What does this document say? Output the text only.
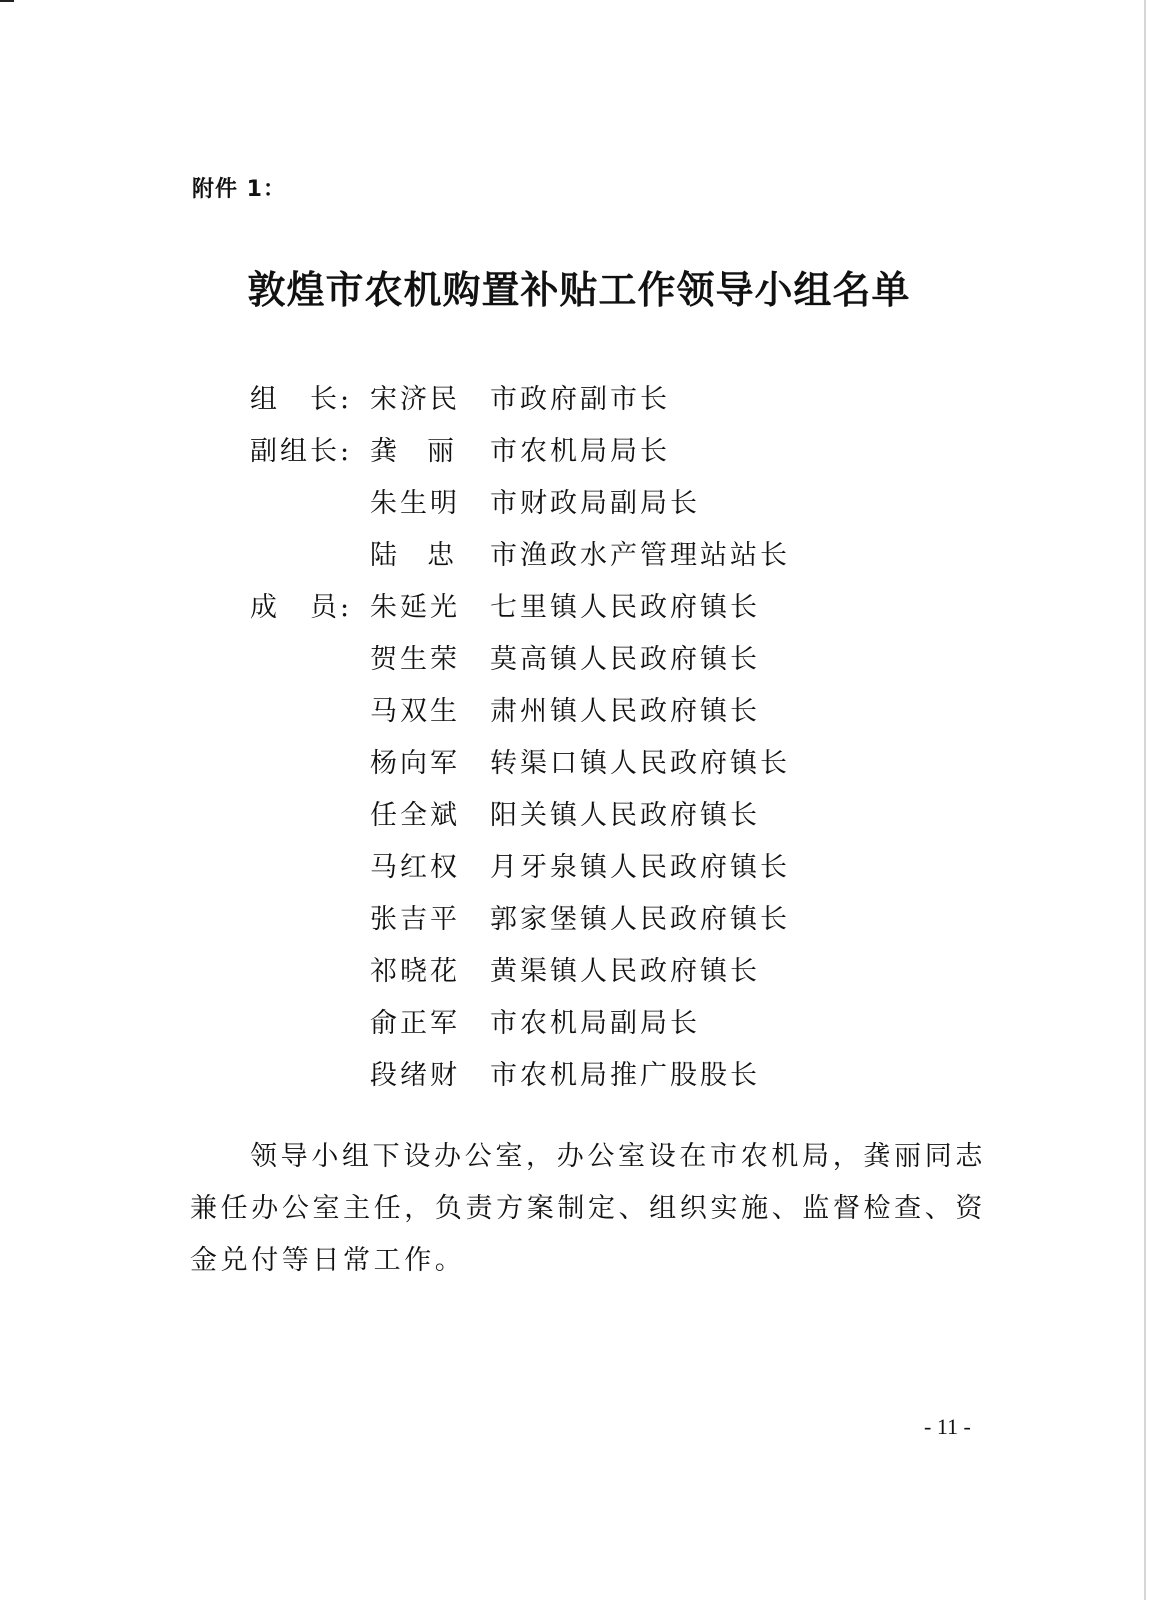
附件 1：
敦煌市农机购置补贴工作领导小组名单
组　长: 宋济民 市政府副市长
副组长: 龚丽 市农机局局长
朱生明 市财政局副局长
陆忠 市渔政水产管理站站长
成　员: 朱延光 七里镇人民政府镇长
贺生荣 莫高镇人民政府镇长
马双生 肃州镇人民政府镇长
杨向军 转渠口镇人民政府镇长
任全斌 阳关镇人民政府镇长
马红权 月牙泉镇人民政府镇长
张吉平 郭家堡镇人民政府镇长
祁晓花 黄渠镇人民政府镇长
俞正军 市农机局副局长
段绪财 市农机局推广股股长

领导小组下设办公室，办公室设在市农机局，龚丽同志兼任办公室主任，负责方案制定、组织实施、监督检查、资金兑付等日常工作。

- 11 -
